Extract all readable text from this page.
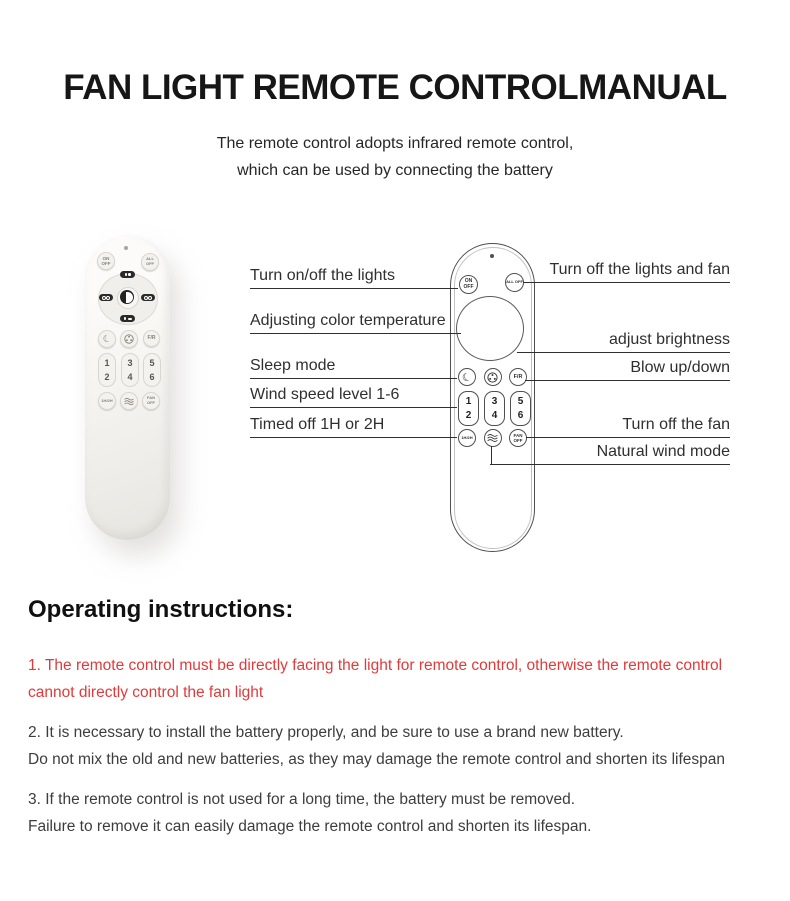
FAN LIGHT REMOTE CONTROLMANUAL
The remote control adopts infrared remote control,
which can be used by connecting the battery
ON
OFF
ALL OFF
☾	F/R
1
2
3
4
5
6
1H/2H	FAN
OFF
ON
OFF
ALL OFF
☾	F/R
1
2
3
4
5
6
1H/2H	FAN
OFF
Turn on/off the lights
Adjusting color temperature
Sleep mode
Wind speed level 1-6
Timed off 1H or 2H
Turn off the lights and fan
adjust brightness
Blow up/down
Turn off the fan
Natural wind mode
Operating instructions:
1. The remote control must be directly facing the light for remote control, otherwise the remote control
cannot directly control the fan light
2. It is necessary to install the battery properly, and be sure to use a brand new battery.
Do not mix the old and new batteries, as they may damage the remote control and shorten its lifespan
3. If the remote control is not used for a long time, the battery must be removed.
Failure to remove it can easily damage the remote control and shorten its lifespan.
